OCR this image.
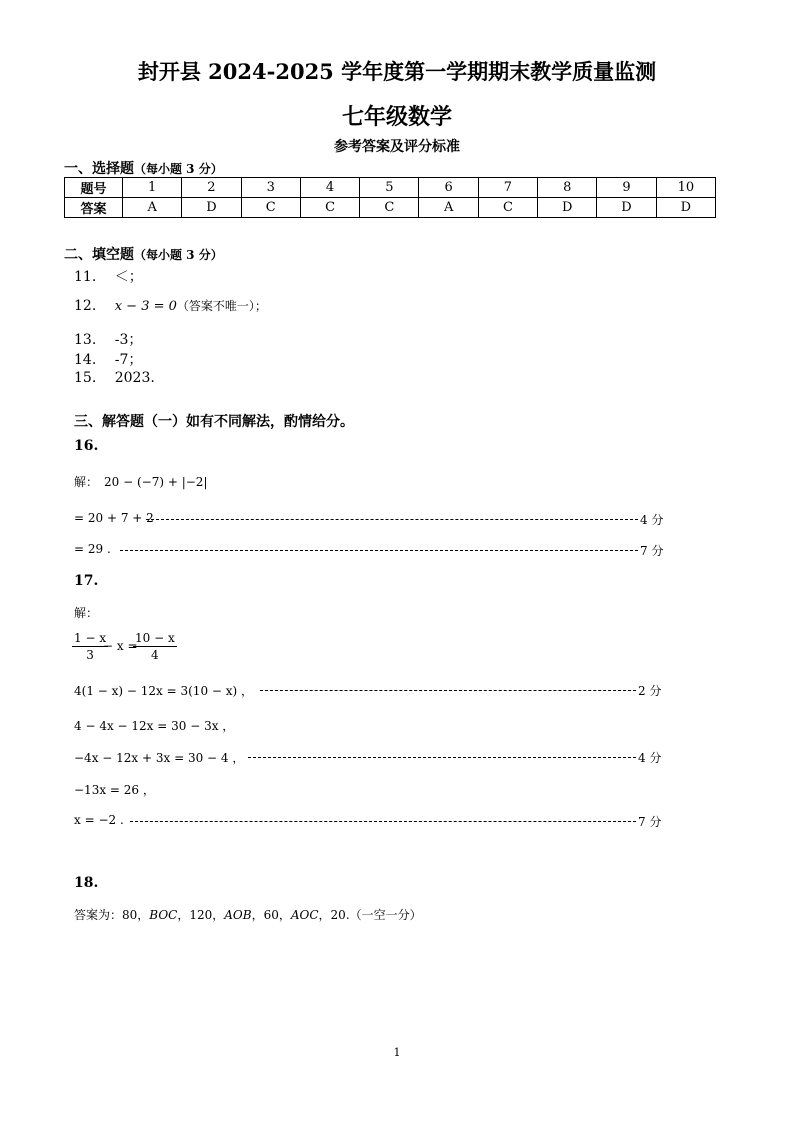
封开县 2024-2025 学年度第一学期期末教学质量监测
七年级数学
参考答案及评分标准
一、选择题（每小题 3 分）
题号	1	2	3	4	5	6	7	8	9	10
答案	A	D	C	C	C	A	C	D	D	D
二、填空题（每小题 3 分）
11. ＜；
12. x − 3 = 0（答案不唯一）；
13. -3；
14. -7；
15. 2023.
三、解答题（一）如有不同解法，酌情给分。
16.
解： 20 − (−7) + |−2|
= 20 + 7 + 2	4 分
= 29 .	7 分
17.
解：
$\frac{1 - x}{3}$
− x =
$\frac{10 - x}{4}$
4(1 − x) − 12x = 3(10 − x) ，	2 分
4 − 4x − 12x = 30 − 3x ，
−4x − 12x + 3x = 30 − 4 ，	4 分
−13x = 26 ，
x = −2 .	7 分
18.
答案为：80，BOC，120，AOB，60，AOC，20.（一空一分）
1
